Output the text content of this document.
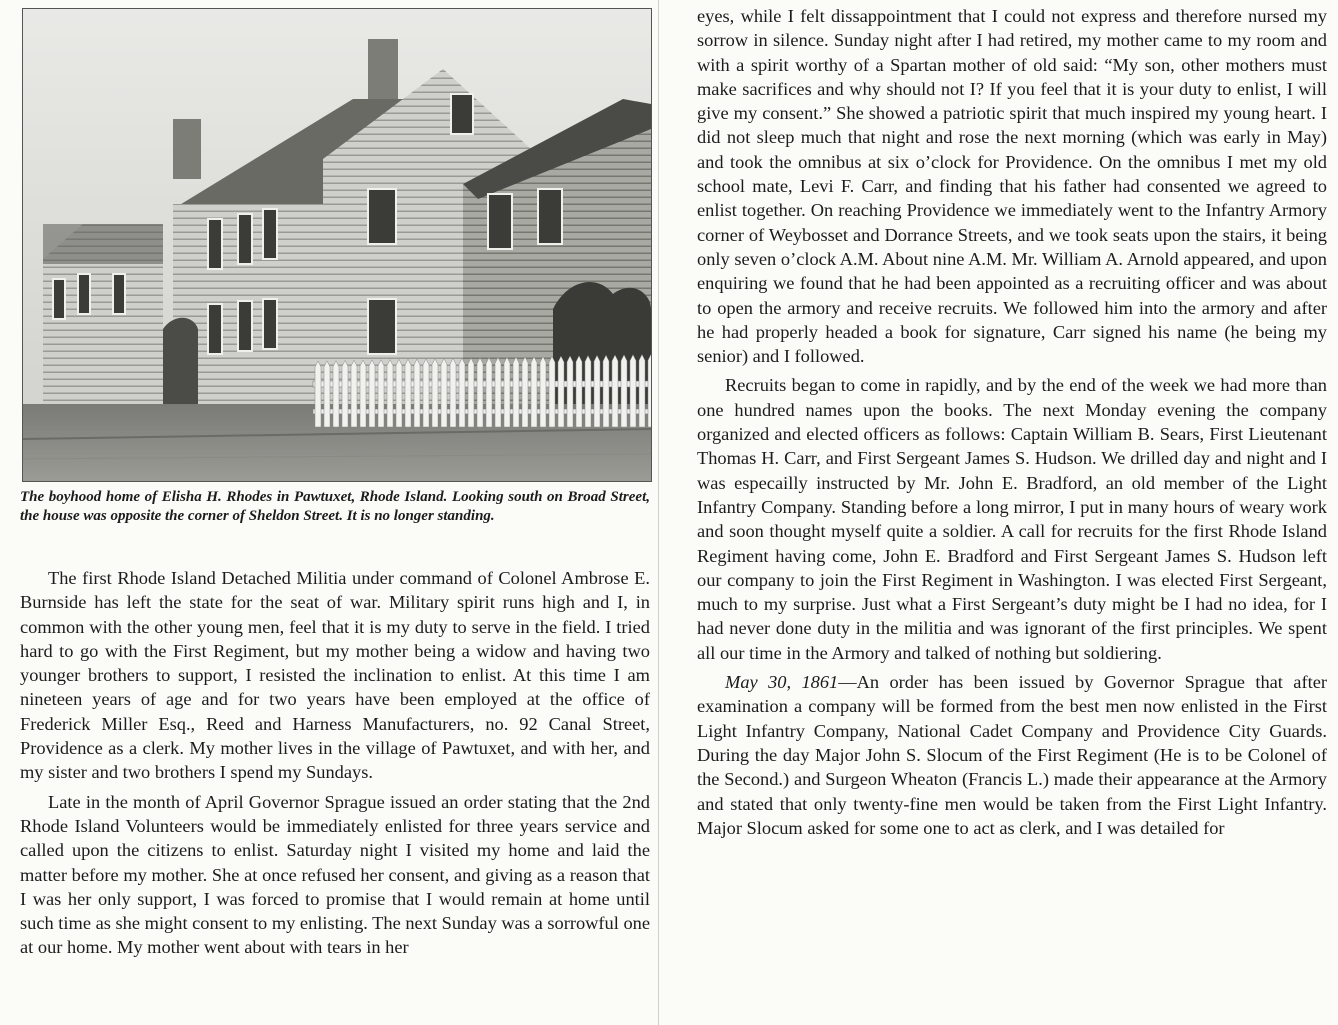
The boyhood home of Elisha H. Rhodes in Pawtuxet, Rhode Island. Looking south on Broad Street, the house was opposite the corner of Sheldon Street. It is no longer standing.

The first Rhode Island Detached Militia under command of Colonel Ambrose E. Burnside has left the state for the seat of war. Military spirit runs high and I, in common with the other young men, feel that it is my duty to serve in the field. I tried hard to go with the First Regiment, but my mother being a widow and having two younger brothers to support, I resisted the inclination to enlist. At this time I am nineteen years of age and for two years have been employed at the office of Frederick Miller Esq., Reed and Harness Manufacturers, no. 92 Canal Street, Providence as a clerk. My mother lives in the village of Pawtuxet, and with her, and my sister and two brothers I spend my Sundays.

Late in the month of April Governor Sprague issued an order stating that the 2nd Rhode Island Volunteers would be immediately enlisted for three years service and called upon the citizens to enlist. Saturday night I visited my home and laid the matter before my mother. She at once refused her consent, and giving as a reason that I was her only support, I was forced to promise that I would remain at home until such time as she might consent to my enlisting. The next Sunday was a sorrowful one at our home. My mother went about with tears in her

eyes, while I felt dissappointment that I could not express and therefore nursed my sorrow in silence. Sunday night after I had retired, my mother came to my room and with a spirit worthy of a Spartan mother of old said: “My son, other mothers must make sacrifices and why should not I? If you feel that it is your duty to enlist, I will give my consent.” She showed a patriotic spirit that much inspired my young heart. I did not sleep much that night and rose the next morning (which was early in May) and took the omnibus at six o’clock for Providence. On the omnibus I met my old school mate, Levi F. Carr, and finding that his father had consented we agreed to enlist together. On reaching Providence we immediately went to the Infantry Armory corner of Weybosset and Dorrance Streets, and we took seats upon the stairs, it being only seven o’clock A.M. About nine A.M. Mr. William A. Arnold appeared, and upon enquiring we found that he had been appointed as a recruiting officer and was about to open the armory and receive recruits. We followed him into the armory and after he had properly headed a book for signature, Carr signed his name (he being my senior) and I followed.

Recruits began to come in rapidly, and by the end of the week we had more than one hundred names upon the books. The next Monday evening the company organized and elected officers as follows: Captain William B. Sears, First Lieutenant Thomas H. Carr, and First Sergeant James S. Hudson. We drilled day and night and I was especailly instructed by Mr. John E. Bradford, an old member of the Light Infantry Company. Standing before a long mirror, I put in many hours of weary work and soon thought myself quite a soldier. A call for recruits for the first Rhode Island Regiment having come, John E. Bradford and First Sergeant James S. Hudson left our company to join the First Regiment in Washington. I was elected First Sergeant, much to my surprise. Just what a First Sergeant’s duty might be I had no idea, for I had never done duty in the militia and was ignorant of the first principles. We spent all our time in the Armory and talked of nothing but soldiering.

May 30, 1861—An order has been issued by Governor Sprague that after examination a company will be formed from the best men now enlisted in the First Light Infantry Company, National Cadet Company and Providence City Guards. During the day Major John S. Slocum of the First Regiment (He is to be Colonel of the Second.) and Surgeon Wheaton (Francis L.) made their appearance at the Armory and stated that only twenty-fine men would be taken from the First Light Infantry. Major Slocum asked for some one to act as clerk, and I was detailed for
